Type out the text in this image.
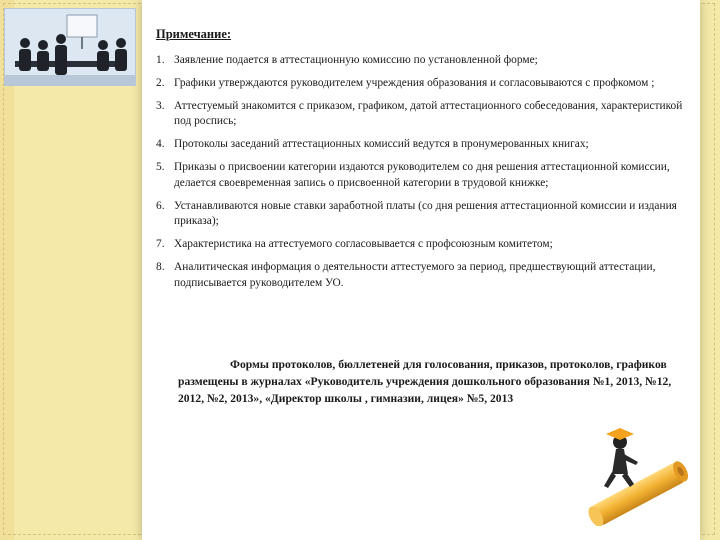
Примечание:
1. Заявление подается в аттестационную комиссию по установленной форме;
2. Графики утверждаются руководителем учреждения образования и согласовываются с профкомом ;
3. Аттестуемый знакомится с приказом, графиком, датой аттестационного собеседования, характеристикой под роспись;
4. Протоколы заседаний аттестационных комиссий ведутся в пронумерованных книгах;
5. Приказы о присвоении категории издаются руководителем со дня решения аттестационной комиссии, делается своевременная запись о присвоенной категории в трудовой книжке;
6. Устанавливаются новые ставки заработной платы (со дня решения аттестационной комиссии и издания приказа);
7. Характеристика на аттестуемого согласовывается с профсоюзным комитетом;
8. Аналитическая информация о деятельности аттестуемого за период, предшествующий аттестации, подписывается руководителем УО.
Формы протоколов, бюллетеней для голосования, приказов, протоколов, графиков размещены в журналах «Руководитель учреждения дошкольного образования №1, 2013, №12, 2012, №2, 2013», «Директор школы , гимназии, лицея» №5, 2013
